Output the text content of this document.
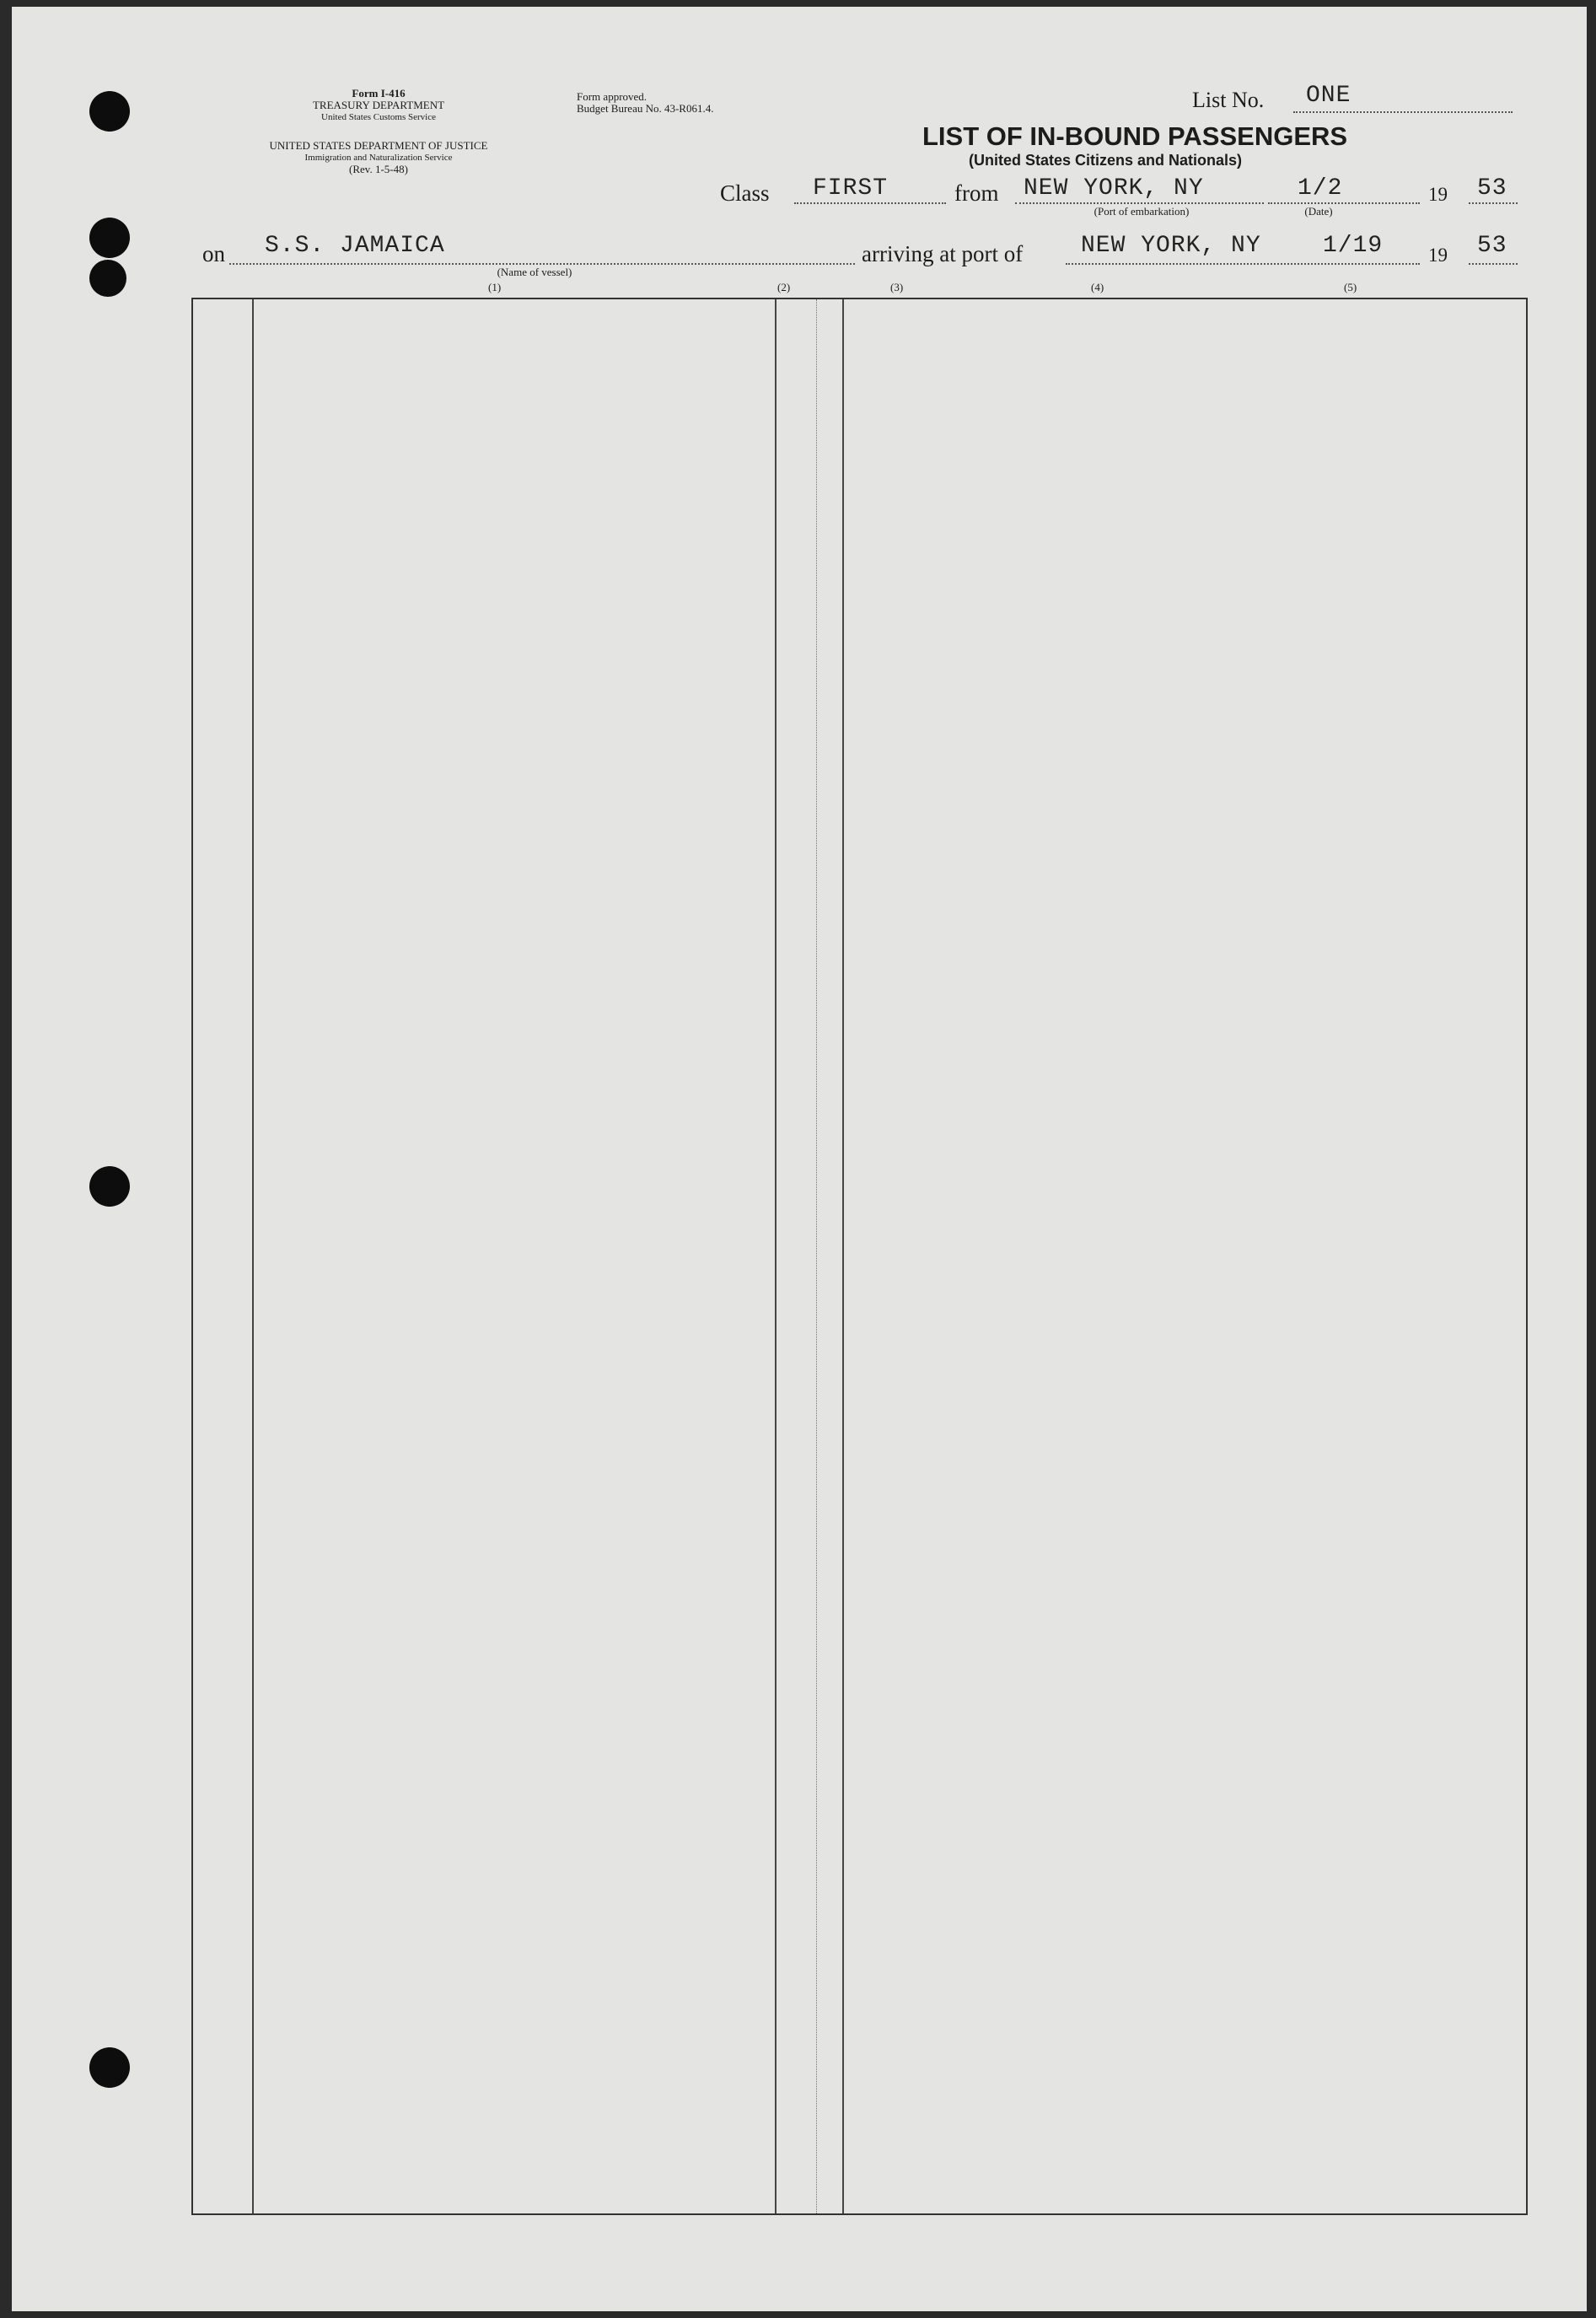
Form I-416
TREASURY DEPARTMENT
United States Customs Service
UNITED STATES DEPARTMENT OF JUSTICE
Immigration and Naturalization Service
(Rev. 1-5-48)
Form approved.
Budget Bureau No. 43-R061.4.	List No. ONE
LIST OF IN-BOUND PASSENGERS
(United States Citizens and Nationals)
Class FIRST	from NEW YORK, NY
(Port of embarkation)
1/2
(Date)
19 53
on S.S. JAMAICA
(Name of vessel)
arriving at port of NEW YORK, NY	1/19 19 53
(1)	(2)	(3)	(4)	(5)
